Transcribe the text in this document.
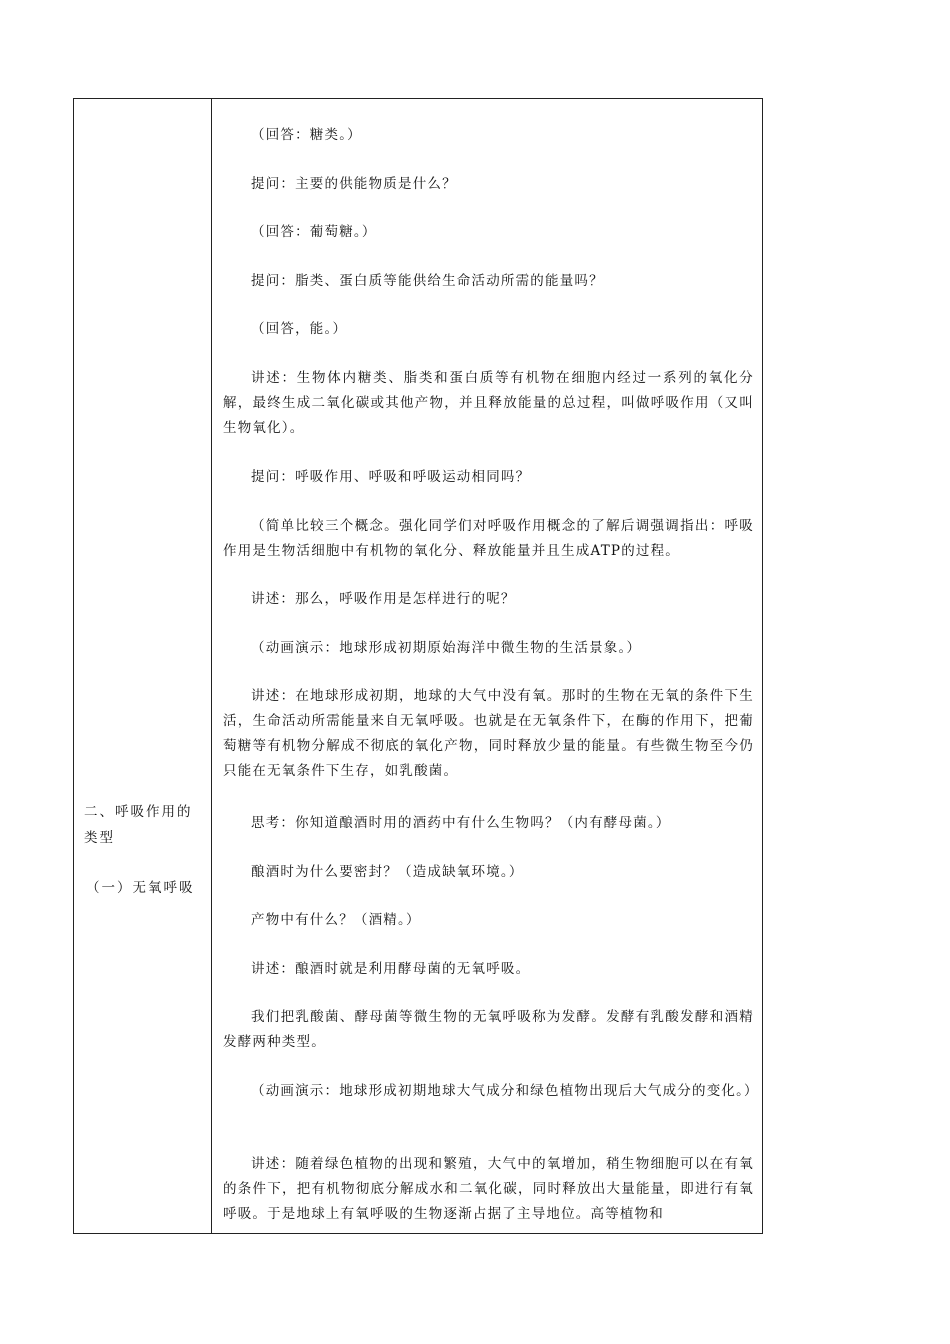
二、呼吸作用的类型

（一）无氧呼吸

（回答：糖类。）

提问：主要的供能物质是什么？

（回答：葡萄糖。）

提问：脂类、蛋白质等能供给生命活动所需的能量吗？

（回答，能。）

讲述：生物体内糖类、脂类和蛋白质等有机物在细胞内经过一系列的氧化分解，最终生成二氧化碳或其他产物，并且释放能量的总过程，叫做呼吸作用（又叫生物氧化）。

提问：呼吸作用、呼吸和呼吸运动相同吗？

（简单比较三个概念。强化同学们对呼吸作用概念的了解后调强调指出：呼吸作用是生物活细胞中有机物的氧化分、释放能量并且生成ATP的过程。

讲述：那么，呼吸作用是怎样进行的呢？

（动画演示：地球形成初期原始海洋中微生物的生活景象。）

讲述：在地球形成初期，地球的大气中没有氧。那时的生物在无氧的条件下生活，生命活动所需能量来自无氧呼吸。也就是在无氧条件下，在酶的作用下，把葡萄糖等有机物分解成不彻底的氧化产物，同时释放少量的能量。有些微生物至今仍只能在无氧条件下生存，如乳酸菌。

思考：你知道酿酒时用的酒药中有什么生物吗？（内有酵母菌。）

酿酒时为什么要密封？（造成缺氧环境。）

产物中有什么？（酒精。）

讲述：酿酒时就是利用酵母菌的无氧呼吸。

我们把乳酸菌、酵母菌等微生物的无氧呼吸称为发酵。发酵有乳酸发酵和酒精发酵两种类型。

（动画演示：地球形成初期地球大气成分和绿色植物出现后大气成分的变化。）

讲述：随着绿色植物的出现和繁殖，大气中的氧增加，稍生物细胞可以在有氧的条件下，把有机物彻底分解成水和二氧化碳，同时释放出大量能量，即进行有氧呼吸。于是地球上有氧呼吸的生物逐渐占据了主导地位。高等植物和
